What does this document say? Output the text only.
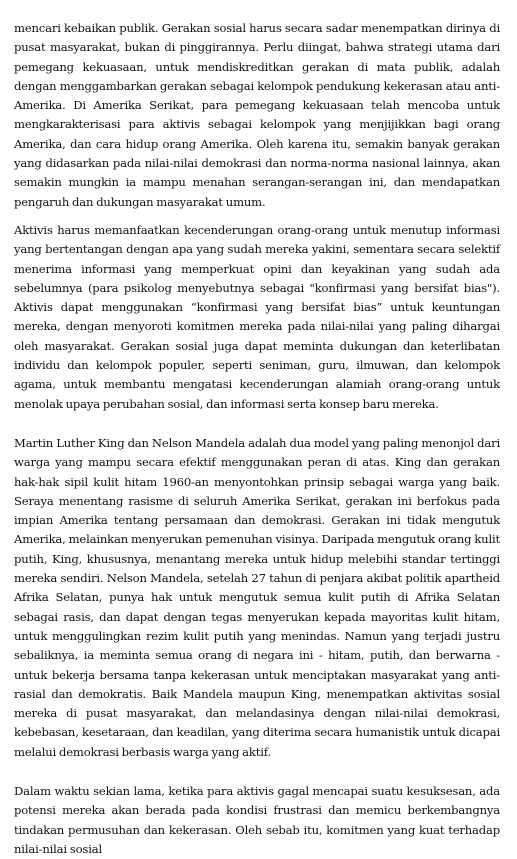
mencari kebaikan publik. Gerakan sosial harus secara sadar menempatkan dirinya di pusat masyarakat, bukan di pinggirannya. Perlu diingat, bahwa strategi utama dari pemegang kekuasaan, untuk mendiskreditkan gerakan di mata publik, adalah dengan menggambarkan gerakan sebagai kelompok pendukung kekerasan atau anti-Amerika. Di Amerika Serikat, para pemegang kekuasaan telah mencoba untuk mengkarakterisasi para aktivis sebagai kelompok yang menjijikkan bagi orang Amerika, dan cara hidup orang Amerika. Oleh karena itu, semakin banyak gerakan yang didasarkan pada nilai-nilai demokrasi dan norma-norma nasional lainnya, akan semakin mungkin ia mampu menahan serangan-serangan ini, dan mendapatkan pengaruh dan dukungan masyarakat umum.

Aktivis harus memanfaatkan kecenderungan orang-orang untuk menutup informasi yang bertentangan dengan apa yang sudah mereka yakini, sementara secara selektif menerima informasi yang memperkuat opini dan keyakinan yang sudah ada sebelumnya (para psikolog menyebutnya sebagai "konfirmasi yang bersifat bias"). Aktivis dapat menggunakan “konfirmasi yang bersifat bias” untuk keuntungan mereka, dengan menyoroti komitmen mereka pada nilai-nilai yang paling dihargai oleh masyarakat. Gerakan sosial juga dapat meminta dukungan dan keterlibatan individu dan kelompok populer, seperti seniman, guru, ilmuwan, dan kelompok agama, untuk membantu mengatasi kecenderungan alamiah orang-orang untuk menolak upaya perubahan sosial, dan informasi serta konsep baru mereka.

Martin Luther King dan Nelson Mandela adalah dua model yang paling menonjol dari warga yang mampu secara efektif menggunakan peran di atas. King dan gerakan hak-hak sipil kulit hitam 1960-an menyontohkan prinsip sebagai warga yang baik. Seraya menentang rasisme di seluruh Amerika Serikat, gerakan ini berfokus pada impian Amerika tentang persamaan dan demokrasi. Gerakan ini tidak mengutuk Amerika, melainkan menyerukan pemenuhan visinya. Daripada mengutuk orang kulit putih, King, khususnya, menantang mereka untuk hidup melebihi standar tertinggi mereka sendiri. Nelson Mandela, setelah 27 tahun di penjara akibat politik apartheid Afrika Selatan, punya hak untuk mengutuk semua kulit putih di Afrika Selatan sebagai rasis, dan dapat dengan tegas menyerukan kepada mayoritas kulit hitam, untuk menggulingkan rezim kulit putih yang menindas. Namun yang terjadi justru sebaliknya, ia meminta semua orang di negara ini - hitam, putih, dan berwarna - untuk bekerja bersama tanpa kekerasan untuk menciptakan masyarakat yang anti-rasial dan demokratis. Baik Mandela maupun King, menempatkan aktivitas sosial mereka di pusat masyarakat, dan melandasinya dengan nilai-nilai demokrasi, kebebasan, kesetaraan, dan keadilan, yang diterima secara humanistik untuk dicapai melalui demokrasi berbasis warga yang aktif.

Dalam waktu sekian lama, ketika para aktivis gagal mencapai suatu kesuksesan, ada potensi mereka akan berada pada kondisi frustrasi dan memicu berkembangnya tindakan permusuhan dan kekerasan. Oleh sebab itu, komitmen yang kuat terhadap nilai-nilai sosial
